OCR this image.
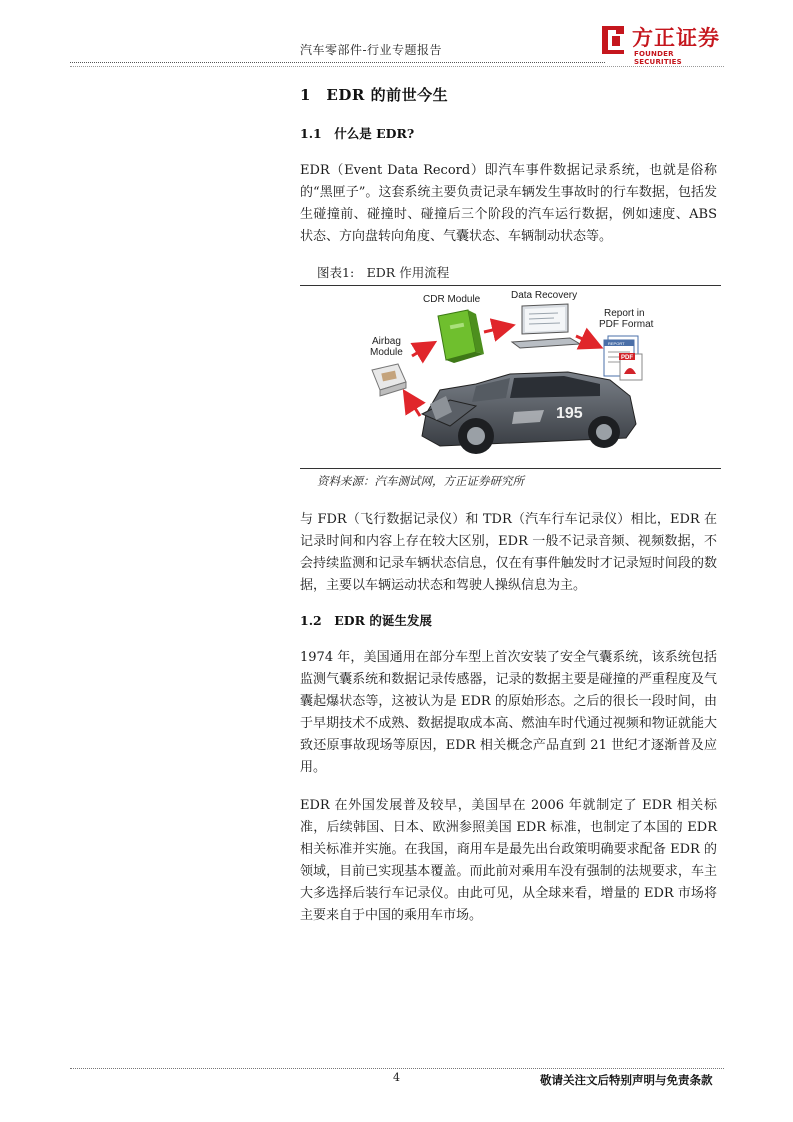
汽车零部件-行业专题报告	方正证券
FOUNDER SECURITIES
1　EDR 的前世今生
1.1　什么是 EDR?

EDR（Event Data Record）即汽车事件数据记录系统，也就是俗称的“黑匣子”。这套系统主要负责记录车辆发生事故时的行车数据，包括发生碰撞前、碰撞时、碰撞后三个阶段的汽车运行数据，例如速度、ABS 状态、方向盘转向角度、气囊状态、车辆制动状态等。

图表1:　EDR 作用流程
CDR Module	Data Recovery
Report in
PDF Format
Airbag
Module
REPORT
PDF
195
资料来源：汽车测试网，方正证券研究所

与 FDR（飞行数据记录仪）和 TDR（汽车行车记录仪）相比，EDR 在记录时间和内容上存在较大区别，EDR 一般不记录音频、视频数据，不会持续监测和记录车辆状态信息，仅在有事件触发时才记录短时间段的数据，主要以车辆运动状态和驾驶人操纵信息为主。

1.2　EDR 的诞生发展

1974 年，美国通用在部分车型上首次安装了安全气囊系统，该系统包括监测气囊系统和数据记录传感器，记录的数据主要是碰撞的严重程度及气囊起爆状态等，这被认为是 EDR 的原始形态。之后的很长一段时间，由于早期技术不成熟、数据提取成本高、燃油车时代通过视频和物证就能大致还原事故现场等原因，EDR 相关概念产品直到 21 世纪才逐渐普及应用。

EDR 在外国发展普及较早，美国早在 2006 年就制定了 EDR 相关标准，后续韩国、日本、欧洲参照美国 EDR 标准，也制定了本国的 EDR 相关标准并实施。在我国，商用车是最先出台政策明确要求配备 EDR 的领域，目前已实现基本覆盖。而此前对乘用车没有强制的法规要求，车主大多选择后装行车记录仪。由此可见，从全球来看，增量的 EDR 市场将主要来自于中国的乘用车市场。

4	敬请关注文后特别声明与免责条款
